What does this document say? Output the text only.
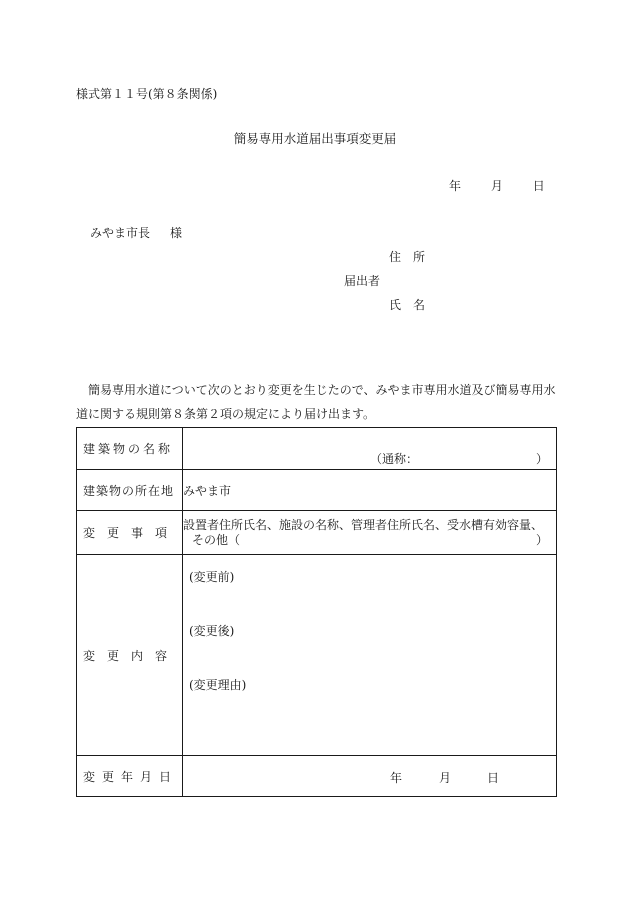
様式第１１号(第８条関係)
簡易専用水道届出事項変更届
年 月 日
みやま市長 様
住　所
届出者
氏　名
簡易専用水道について次のとおり変更を生じたので、みやま市専用水道及び簡易専用水道に関する規則第８条第２項の規定により届け出ます。
建築物の名称	（通称： ）

建築物の所在地	みやま市
変　更　事　項	設置者住所氏名、施設の名称、管理者住所氏名、受水槽有効容量、
その他（ ）

変　更　内　容	(変更前)
(変更後)
(変更理由)

変更年月日	年 月 日
